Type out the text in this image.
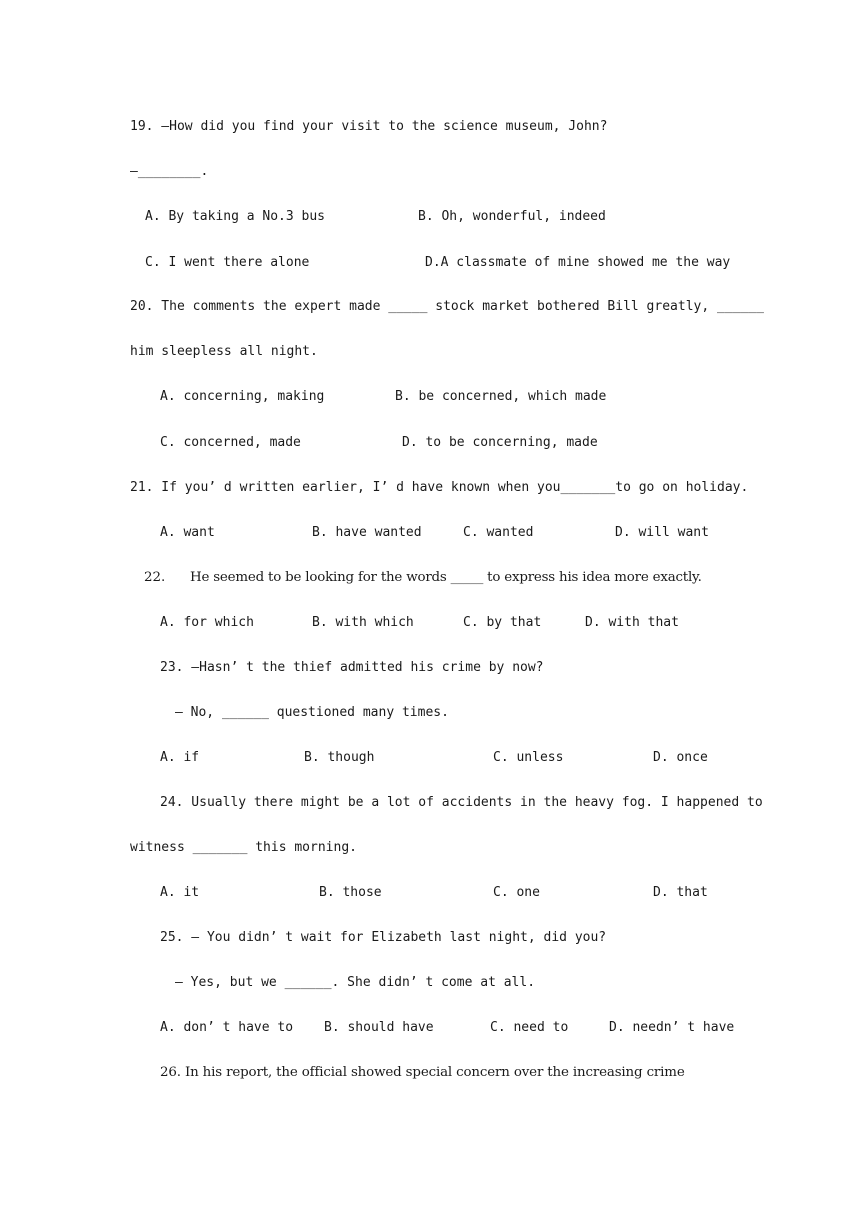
19. —How did you find your visit to the science museum, John?
—________.
A. By taking a No.3 bus	B. Oh, wonderful, indeed
C. I went there alone	D.A classmate of mine showed me the way
20. The comments the expert made _____ stock market bothered Bill greatly, ______
him sleepless all night.
A. concerning, making	B. be concerned, which made
C. concerned, made	D. to be concerning, made
21. If you’ d written earlier, I’ d have known when you_______to go on holiday.
A. want	B. have wanted	C. wanted	D. will want
22. He seemed to be looking for the words _____ to express his idea more exactly.
A. for which	B. with which	C. by that	D. with that
23. —Hasn’ t the thief admitted his crime by now?
— No, ______ questioned many times.
A. if	B. though	C. unless	D. once
24. Usually there might be a lot of accidents in the heavy fog. I happened to
witness _______ this morning.
A. it	B. those	C. one	D. that
25. — You didn’ t wait for Elizabeth last night, did you?
— Yes, but we ______. She didn’ t come at all.
A. don’ t have to B. should have	C. need to	D. needn’ t have
26. In his report, the official showed special concern over the increasing crime
